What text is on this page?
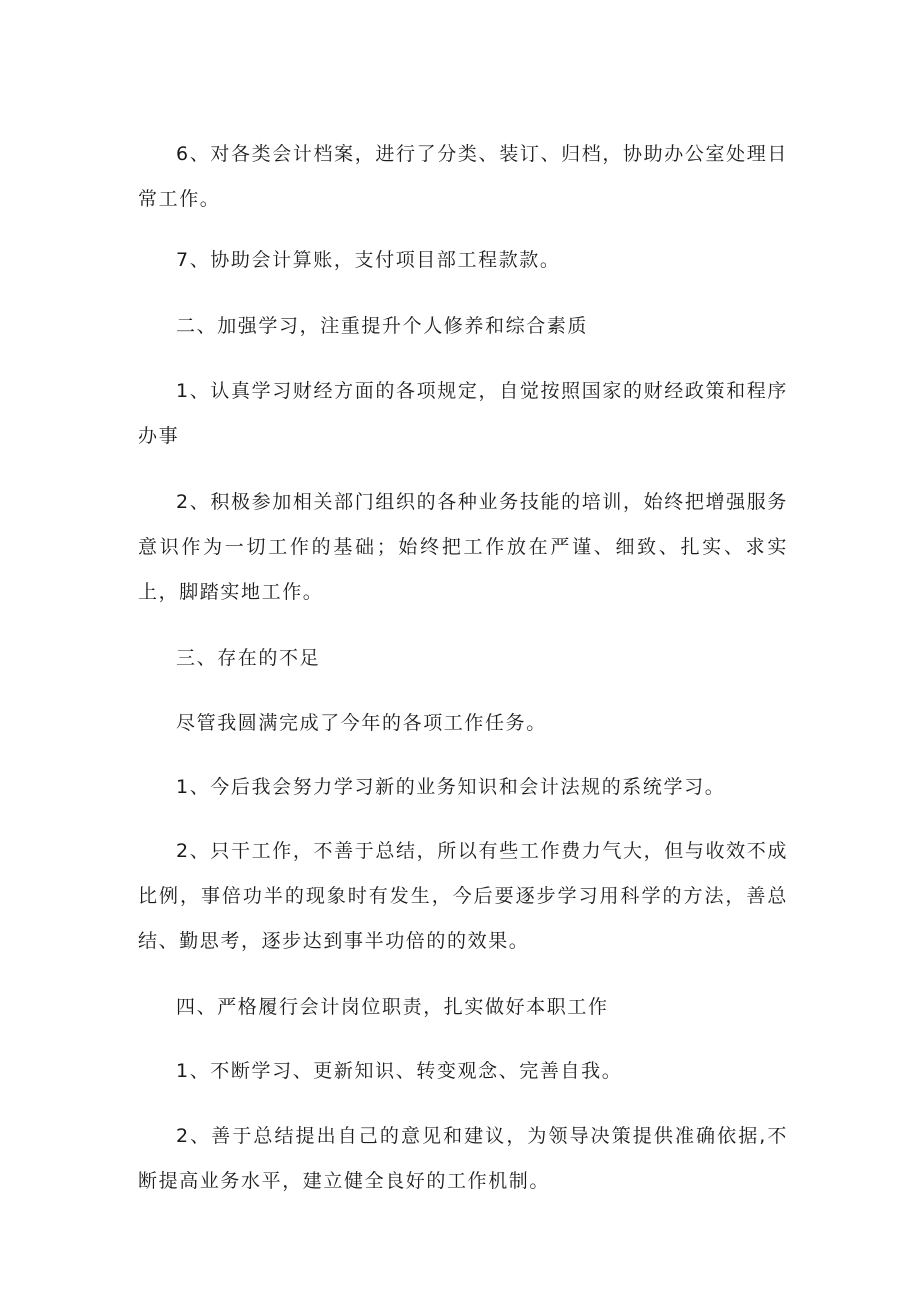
6、对各类会计档案，进行了分类、装订、归档，协助办公室处理日常工作。

7、协助会计算账，支付项目部工程款款。

二、加强学习，注重提升个人修养和综合素质

1、认真学习财经方面的各项规定，自觉按照国家的财经政策和程序办事

2、积极参加相关部门组织的各种业务技能的培训，始终把增强服务意识作为一切工作的基础；始终把工作放在严谨、细致、扎实、求实上，脚踏实地工作。

三、存在的不足

尽管我圆满完成了今年的各项工作任务。

1、今后我会努力学习新的业务知识和会计法规的系统学习。

2、只干工作，不善于总结，所以有些工作费力气大，但与收效不成比例，事倍功半的现象时有发生，今后要逐步学习用科学的方法，善总结、勤思考，逐步达到事半功倍的的效果。

四、严格履行会计岗位职责，扎实做好本职工作

1、不断学习、更新知识、转变观念、完善自我。

2、善于总结提出自己的意见和建议，为领导决策提供准确依据,不断提高业务水平，建立健全良好的工作机制。
